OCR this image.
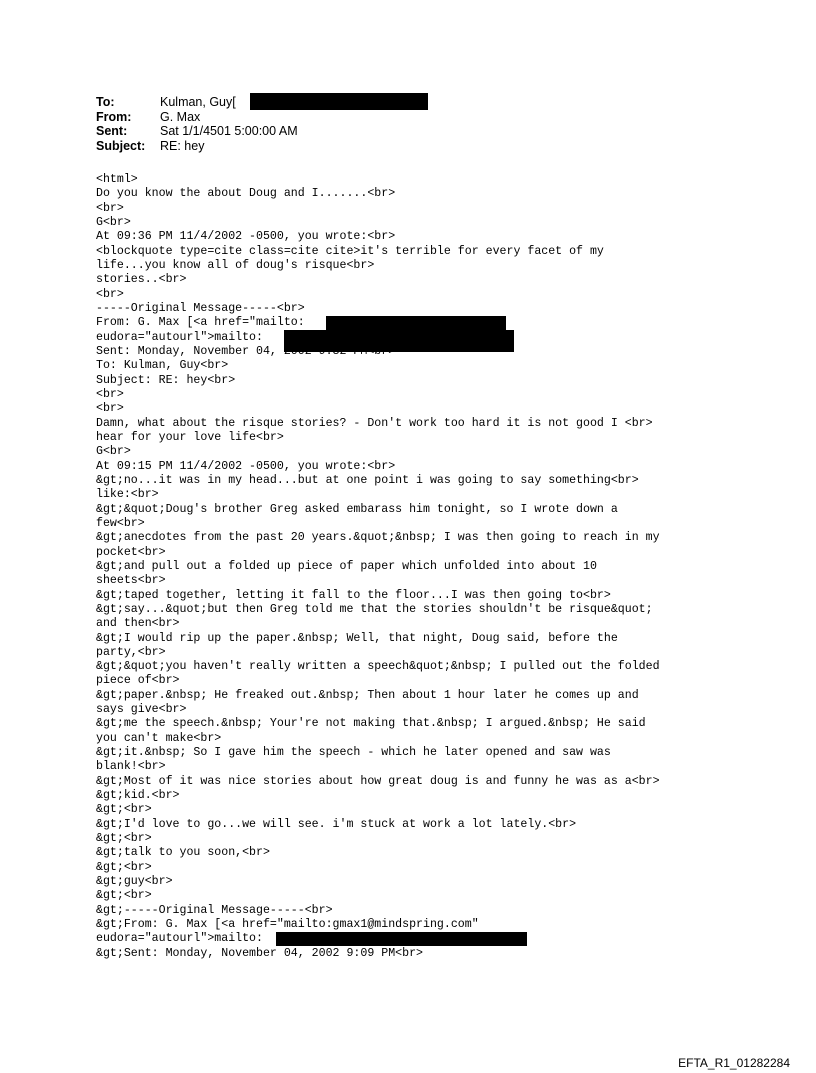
To:	Kulman, Guy[
From: G. Max
Sent:	Sat 1/1/4501 5:00:00 AM
Subject: RE: hey
<html>
Do you know the about Doug and I.......<br>
<br>
G<br>
At 09:36 PM 11/4/2002 -0500, you wrote:<br>
<blockquote type=cite class=cite cite>it's terrible for every facet of my
life...you know all of doug's risque<br>
stories..<br>
<br>
-----Original Message-----<br>
From: G. Max [<a href="mailto:
eudora="autourl">mailto:
Sent: Monday, November 04, 2002 9:32 PM<br>
To: Kulman, Guy<br>
Subject: RE: hey<br>
<br>
<br>
Damn, what about the risque stories? - Don't work too hard it is not good I <br>
hear for your love life<br>
G<br>
At 09:15 PM 11/4/2002 -0500, you wrote:<br>
&gt;no...it was in my head...but at one point i was going to say something<br>
like:<br>
&gt;&quot;Doug's brother Greg asked embarass him tonight, so I wrote down a
few<br>
&gt;anecdotes from the past 20 years.&quot;&nbsp; I was then going to reach in my
pocket<br>
&gt;and pull out a folded up piece of paper which unfolded into about 10
sheets<br>
&gt;taped together, letting it fall to the floor...I was then going to<br>
&gt;say...&quot;but then Greg told me that the stories shouldn't be risque&quot;
and then<br>
&gt;I would rip up the paper.&nbsp; Well, that night, Doug said, before the
party,<br>
&gt;&quot;you haven't really written a speech&quot;&nbsp; I pulled out the folded
piece of<br>
&gt;paper.&nbsp; He freaked out.&nbsp; Then about 1 hour later he comes up and
says give<br>
&gt;me the speech.&nbsp; Your're not making that.&nbsp; I argued.&nbsp; He said
you can't make<br>
&gt;it.&nbsp; So I gave him the speech - which he later opened and saw was
blank!<br>
&gt;Most of it was nice stories about how great doug is and funny he was as a<br>
&gt;kid.<br>
&gt;<br>
&gt;I'd love to go...we will see. i'm stuck at work a lot lately.<br>
&gt;<br>
&gt;talk to you soon,<br>
&gt;<br>
&gt;guy<br>
&gt;<br>
&gt;-----Original Message-----<br>
&gt;From: G. Max [<a href="mailto:gmax1@mindspring.com"
eudora="autourl">mailto:
&gt;Sent: Monday, November 04, 2002 9:09 PM<br>
EFTA_R1_01282284
